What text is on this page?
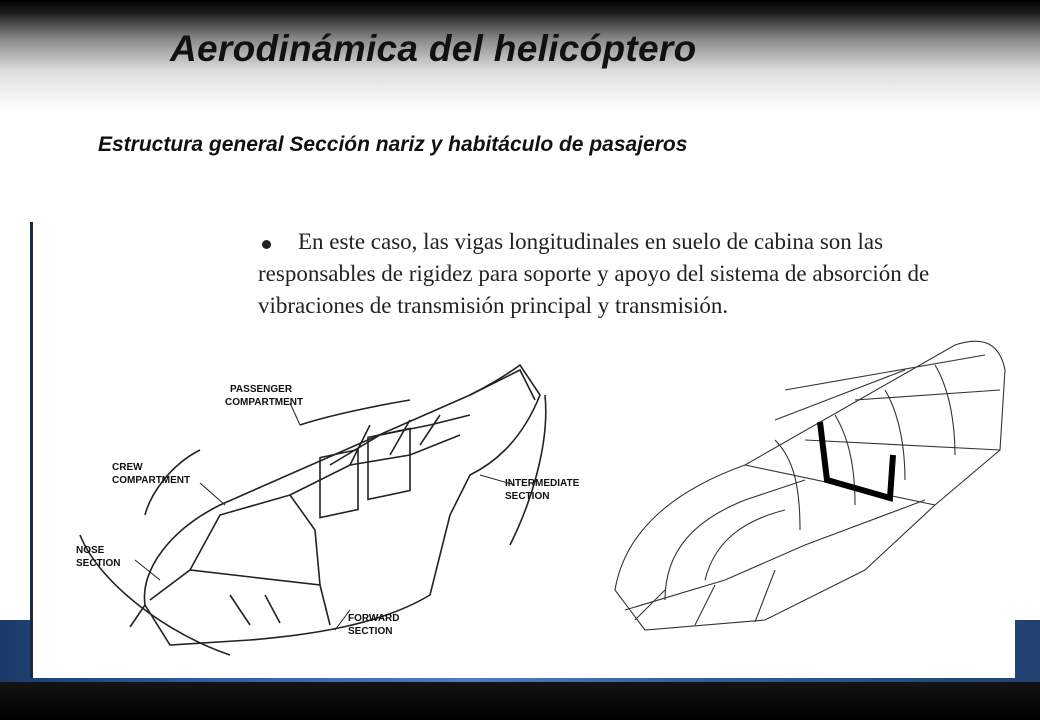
Aerodinámica del helicóptero
Estructura general Sección nariz y habitáculo de pasajeros

En este caso, las vigas longitudinales en suelo de cabina son las responsables de rigidez para soporte y apoyo del sistema de absorción de vibraciones de transmisión principal y transmisión.

PASSENGER
COMPARTMENT
CREW
COMPARTMENT	INTERMEDIATE
SECTION
NOSE
SECTION
FORWARD
SECTION
